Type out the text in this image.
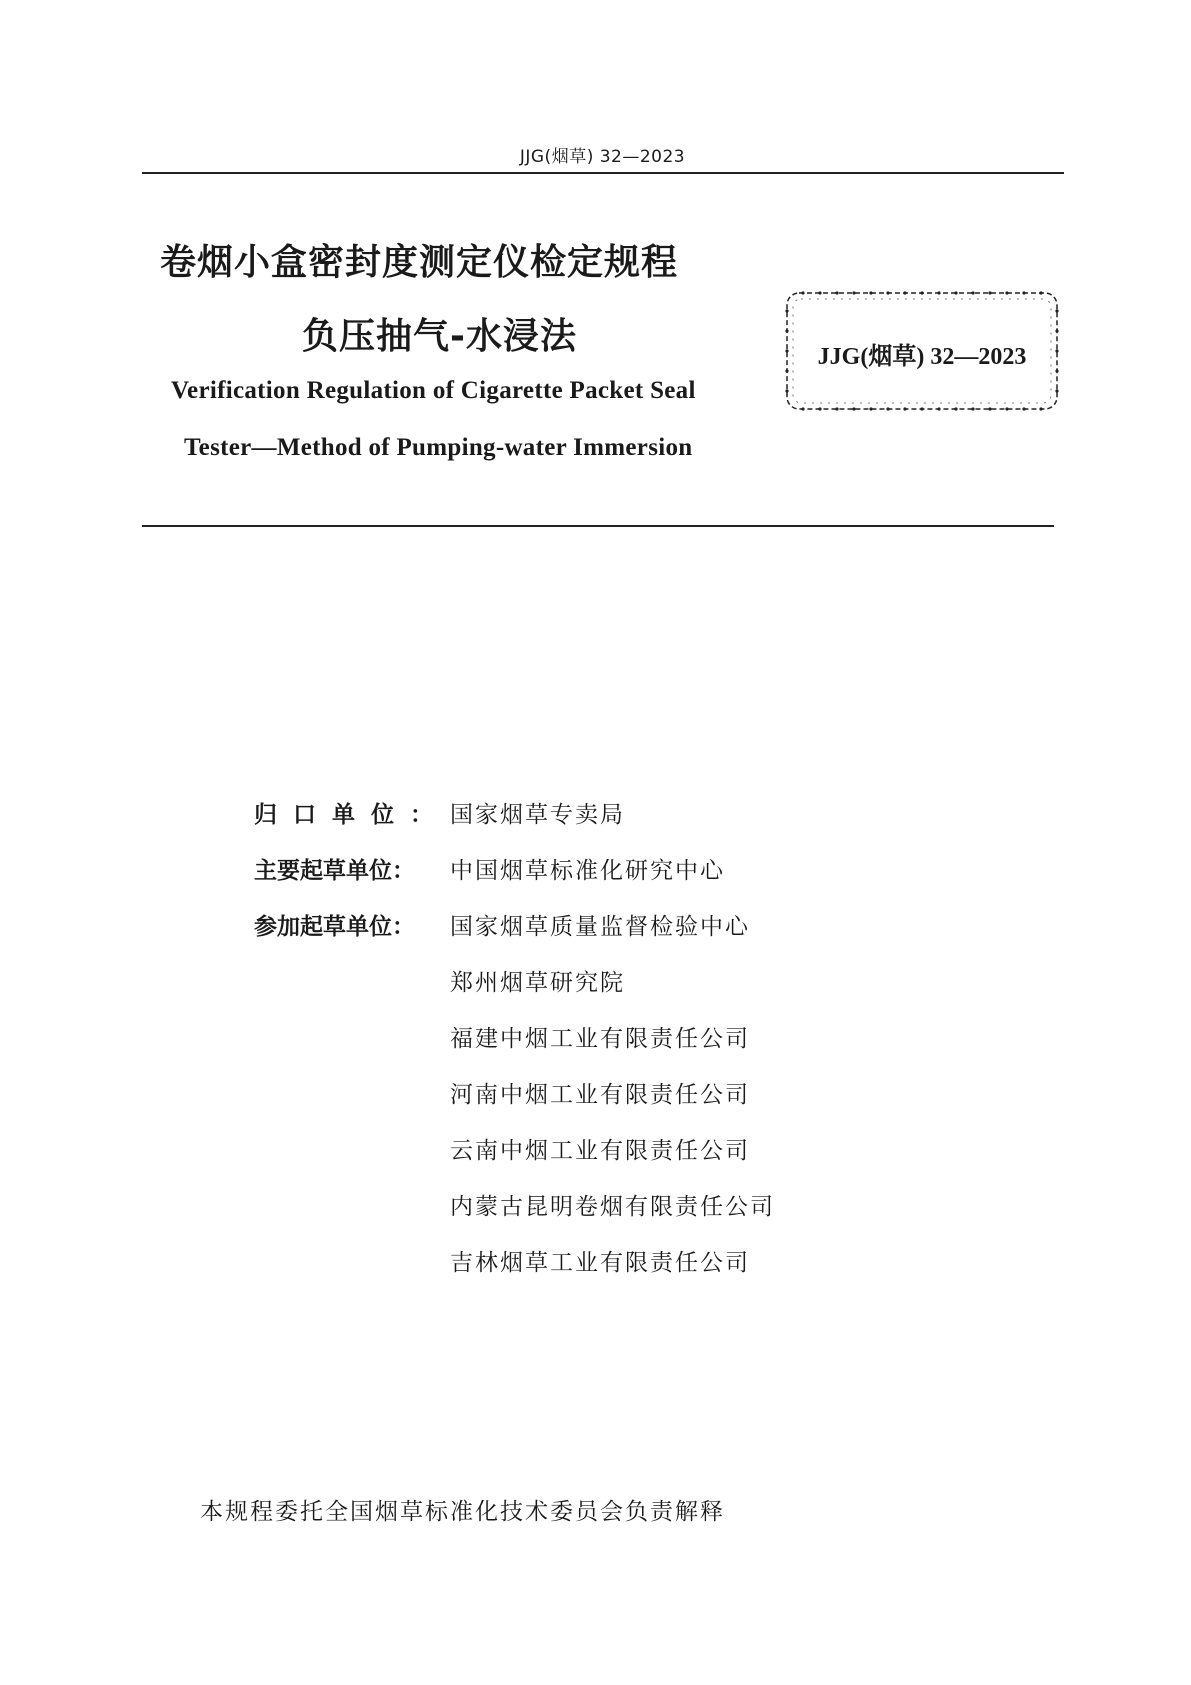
JJG(烟草) 32—2023
卷烟小盒密封度测定仪检定规程
负压抽气-水浸法
Verification Regulation of Cigarette Packet Seal
Tester—Method of Pumping-water Immersion
JJG(烟草) 32—2023
归口单位： 国家烟草专卖局
主要起草单位： 中国烟草标准化研究中心
参加起草单位： 国家烟草质量监督检验中心
郑州烟草研究院
福建中烟工业有限责任公司
河南中烟工业有限责任公司
云南中烟工业有限责任公司
内蒙古昆明卷烟有限责任公司
吉林烟草工业有限责任公司
本规程委托全国烟草标准化技术委员会负责解释
